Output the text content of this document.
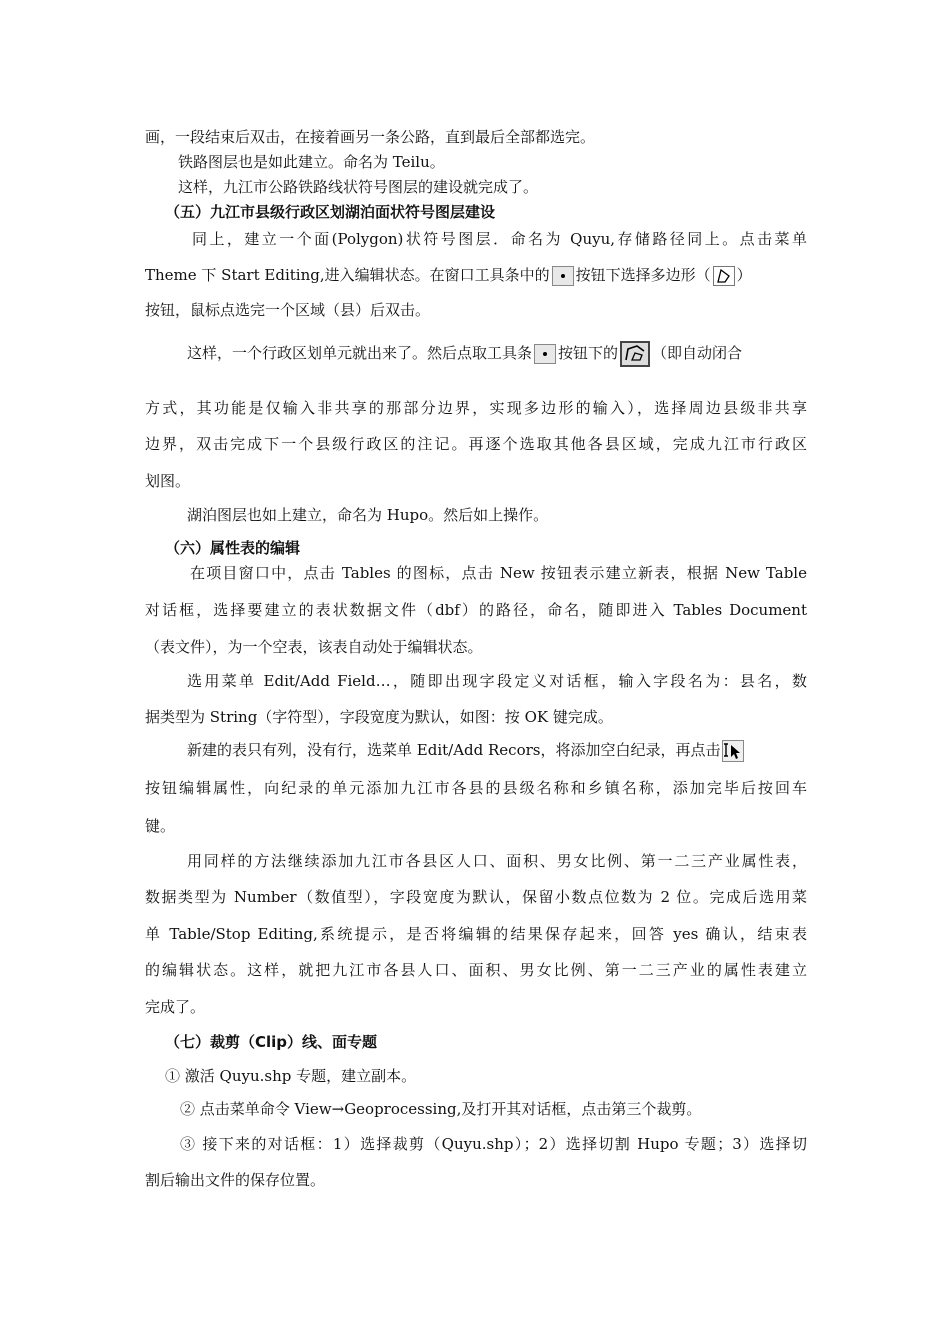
画，一段结束后双击，在接着画另一条公路，直到最后全部都选完。
铁路图层也是如此建立。命名为 Teilu。
这样，九江市公路铁路线状符号图层的建设就完成了。
（五）九江市县级行政区划湖泊面状符号图层建设
同上，建立一个面(Polygon)状符号图层．命名为 Quyu,存储路径同上。点击菜单
Theme 下 Start Editing,进入编辑状态。在窗口工具条中的 按钮下选择多边形（ ）
按钮，鼠标点选完一个区域（县）后双击。
这样，一个行政区划单元就出来了。然后点取工具条 按钮下的 （即自动闭合
方式，其功能是仅输入非共享的那部分边界，实现多边形的输入），选择周边县级非共享
边界，双击完成下一个县级行政区的注记。再逐个选取其他各县区域，完成九江市行政区
划图。
湖泊图层也如上建立，命名为 Hupo。然后如上操作。
（六）属性表的编辑
在项目窗口中，点击 Tables 的图标，点击 New 按钮表示建立新表，根据 New Table
对话框，选择要建立的表状数据文件（dbf）的路径，命名，随即进入 Tables Document
（表文件），为一个空表，该表自动处于编辑状态。
选用菜单 Edit/Add Field…，随即出现字段定义对话框，输入字段名为：县名，数
据类型为 String（字符型），字段宽度为默认，如图：按 OK 键完成。
新建的表只有列，没有行，选菜单 Edit/Add Recors，将添加空白纪录，再点击
按钮编辑属性，向纪录的单元添加九江市各县的县级名称和乡镇名称，添加完毕后按回车
键。
用同样的方法继续添加九江市各县区人口、面积、男女比例、第一二三产业属性表，
数据类型为 Number（数值型），字段宽度为默认，保留小数点位数为 2 位。完成后选用菜
单 Table/Stop Editing,系统提示，是否将编辑的结果保存起来，回答 yes 确认，结束表
的编辑状态。这样，就把九江市各县人口、面积、男女比例、第一二三产业的属性表建立
完成了。
（七）裁剪（Clip）线、面专题
① 激活 Quyu.shp 专题，建立副本。
② 点击菜单命令 View→Geoprocessing,及打开其对话框，点击第三个裁剪。
③ 接下来的对话框：1）选择裁剪（Quyu.shp）；2）选择切割 Hupo 专题；3）选择切
割后输出文件的保存位置。
